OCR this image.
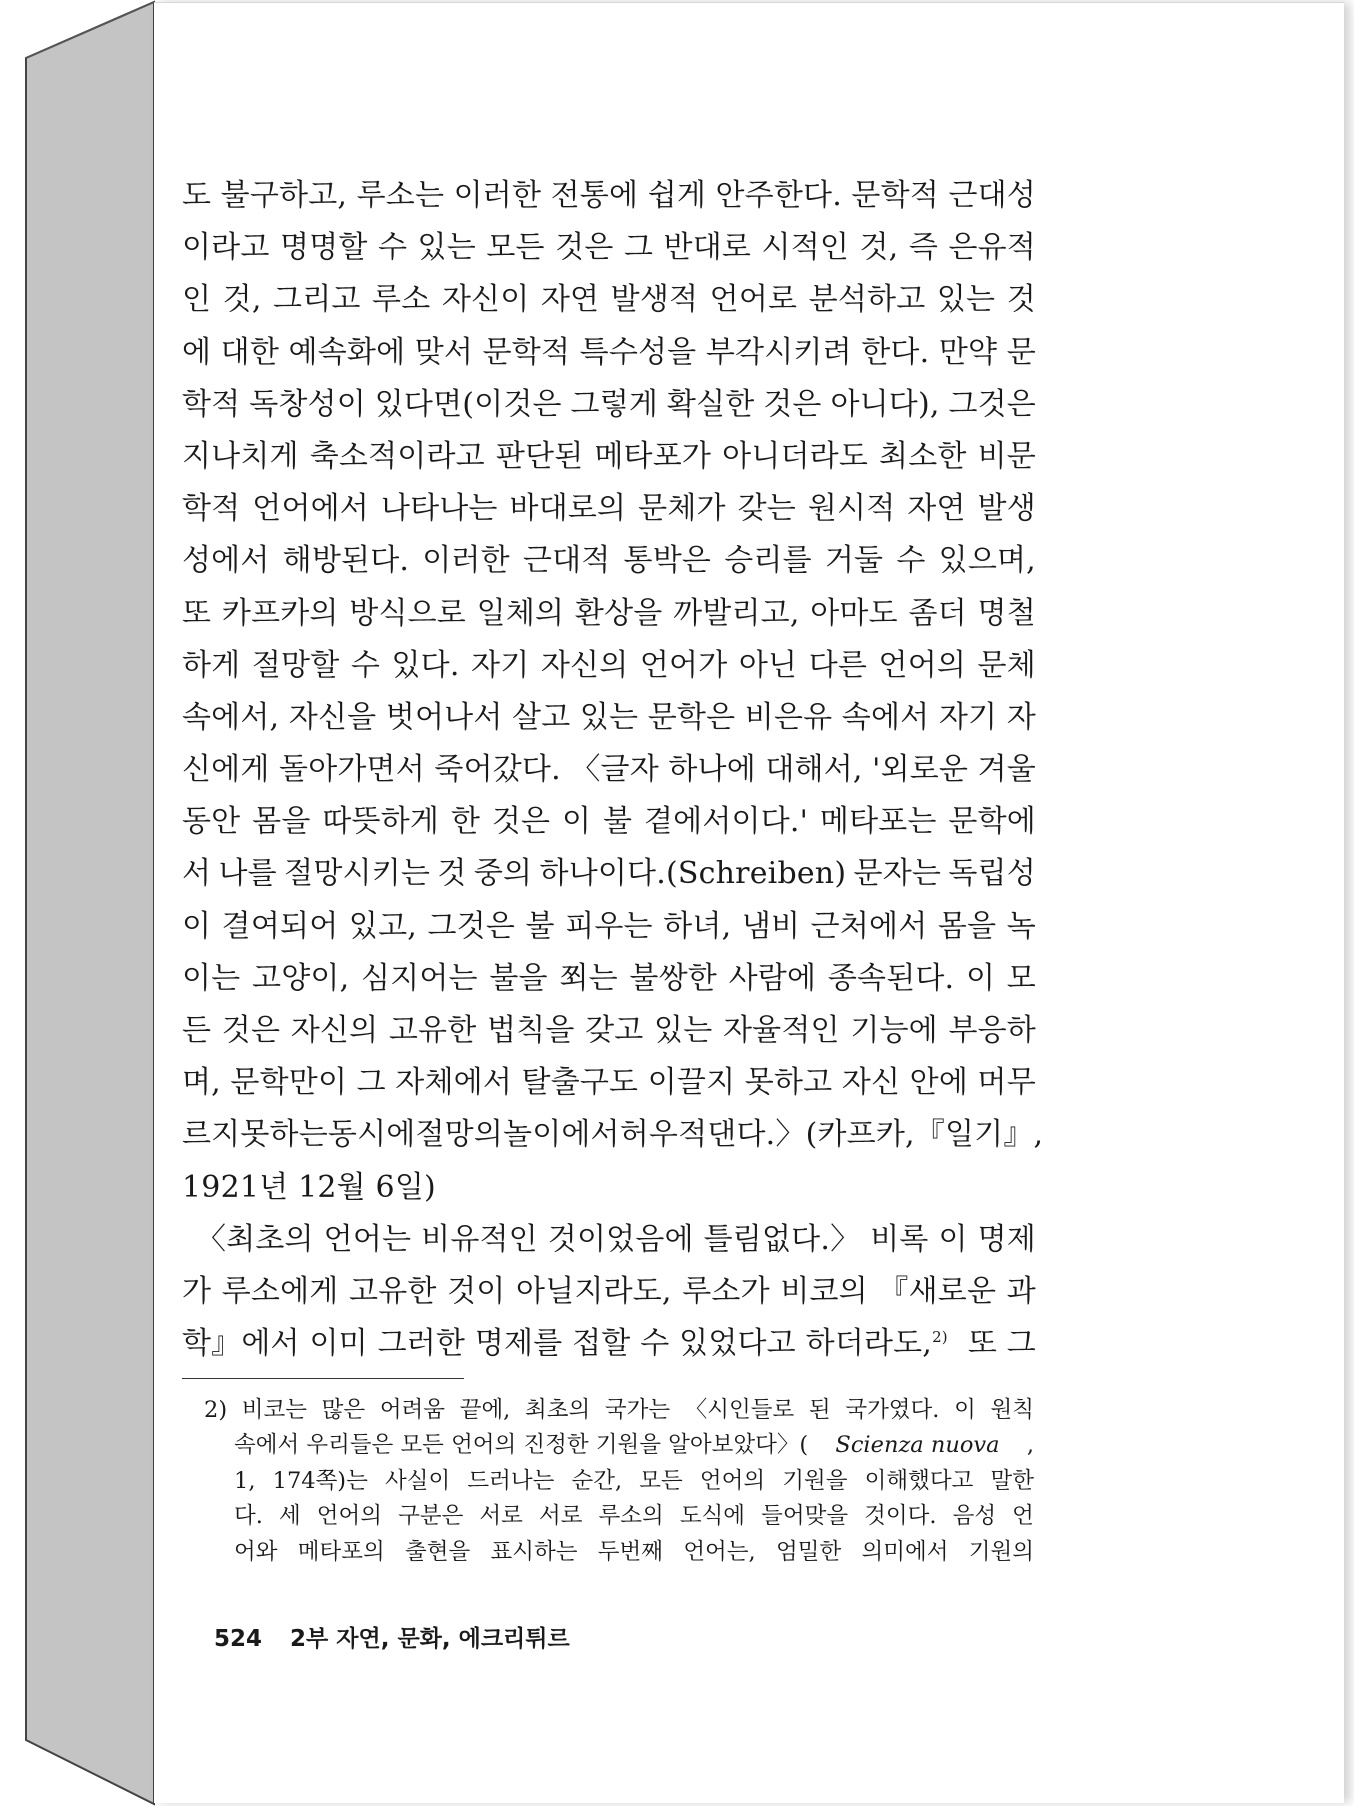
도 불구하고, 루소는 이러한 전통에 쉽게 안주한다. 문학적 근대성
이라고 명명할 수 있는 모든 것은 그 반대로 시적인 것, 즉 은유적
인 것, 그리고 루소 자신이 자연 발생적 언어로 분석하고 있는 것
에 대한 예속화에 맞서 문학적 특수성을 부각시키려 한다. 만약 문
학적 독창성이 있다면(이것은 그렇게 확실한 것은 아니다), 그것은
지나치게 축소적이라고 판단된 메타포가 아니더라도 최소한 비문
학적 언어에서 나타나는 바대로의 문체가 갖는 원시적 자연 발생
성에서 해방된다. 이러한 근대적 통박은 승리를 거둘 수 있으며,
또 카프카의 방식으로 일체의 환상을 까발리고, 아마도 좀더 명철
하게 절망할 수 있다. 자기 자신의 언어가 아닌 다른 언어의 문체
속에서, 자신을 벗어나서 살고 있는 문학은 비은유 속에서 자기 자
신에게 돌아가면서 죽어갔다. 〈글자 하나에 대해서, '외로운 겨울
동안 몸을 따뜻하게 한 것은 이 불 곁에서이다.' 메타포는 문학에
서 나를 절망시키는 것 중의 하나이다.(Schreiben) 문자는 독립성
이 결여되어 있고, 그것은 불 피우는 하녀, 냄비 근처에서 몸을 녹
이는 고양이, 심지어는 불을 쬐는 불쌍한 사람에 종속된다. 이 모
든 것은 자신의 고유한 법칙을 갖고 있는 자율적인 기능에 부응하
며, 문학만이 그 자체에서 탈출구도 이끌지 못하고 자신 안에 머무
르지 못하는 동시에 절망의 놀이에서 허우적댄다.〉(카프카, 『일기』,
1921년 12월 6일)
〈최초의 언어는 비유적인 것이었음에 틀림없다.〉 비록 이 명제
가 루소에게 고유한 것이 아닐지라도, 루소가 비코의 『새로운 과
학』에서 이미 그러한 명제를 접할 수 있었다고 하더라도,$^{2)}$ 또 그
2) 비코는 많은 어려움 끝에, 최초의 국가는 〈시인들로 된 국가였다. 이 원칙
속에서 우리들은 모든 언어의 진정한 기원을 알아보았다〉( Scienza nuova ,
1, 174쪽)는 사실이 드러나는 순간, 모든 언어의 기원을 이해했다고 말한
다. 세 언어의 구분은 서로 서로 루소의 도식에 들어맞을 것이다. 음성 언
어와 메타포의 출현을 표시하는 두번째 언어는, 엄밀한 의미에서 기원의
524 2부 자연, 문화, 에크리튀르
